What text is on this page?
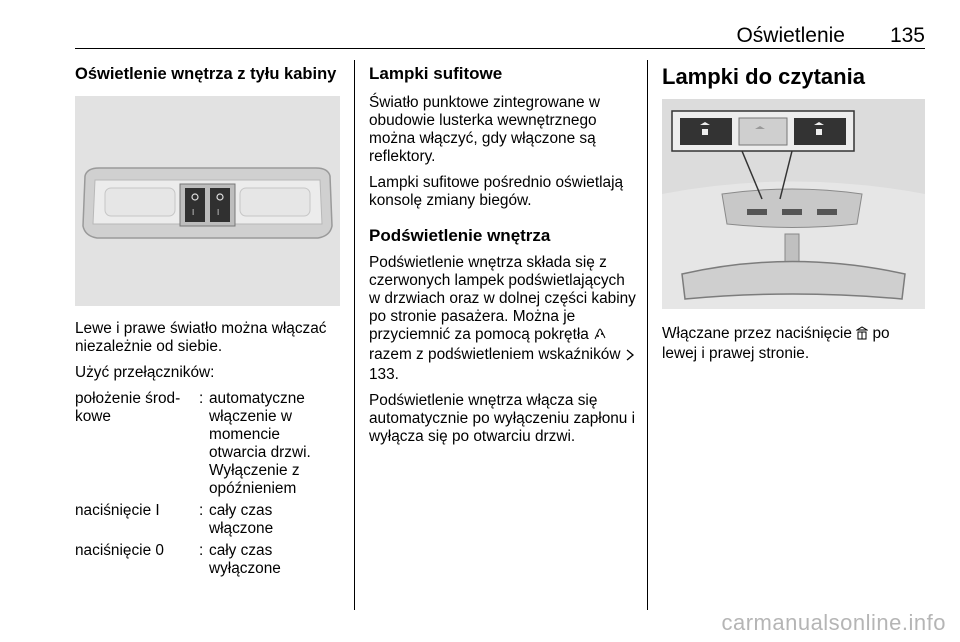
Oświetlenie 135
Oświetlenie wnętrza z tyłu kabiny
I	I

Lewe i prawe światło można włączać niezależnie od siebie.

Użyć przełączników:

położenie środ-kowe
: automatyczne włączenie w momencie otwarcia drzwi. Wyłączenie z opóźnieniem
naciśnięcie I	: cały czas włączone
naciśnięcie 0	: cały czas wyłączone
Lampki sufitowe

Światło punktowe zintegrowane w obudowie lusterka wewnętrznego można włączyć, gdy włączone są reflektory.

Lampki sufitowe pośrednio oświetlają konsolę zmiany biegów.

Podświetlenie wnętrza

Podświetlenie wnętrza składa się z czerwonych lampek podświetlających w drzwiach oraz w dolnej części kabiny po stronie pasażera. Można je przyciemnić za pomocą pokrętła  razem z podświetleniem wskaźników  133.

Podświetlenie wnętrza włącza się automatycznie po wyłączeniu zapłonu i wyłącza się po otwarciu drzwi.

Lampki do czytania

Włączane przez naciśnięcie po lewej i prawej stronie.

carmanualsonline.info
